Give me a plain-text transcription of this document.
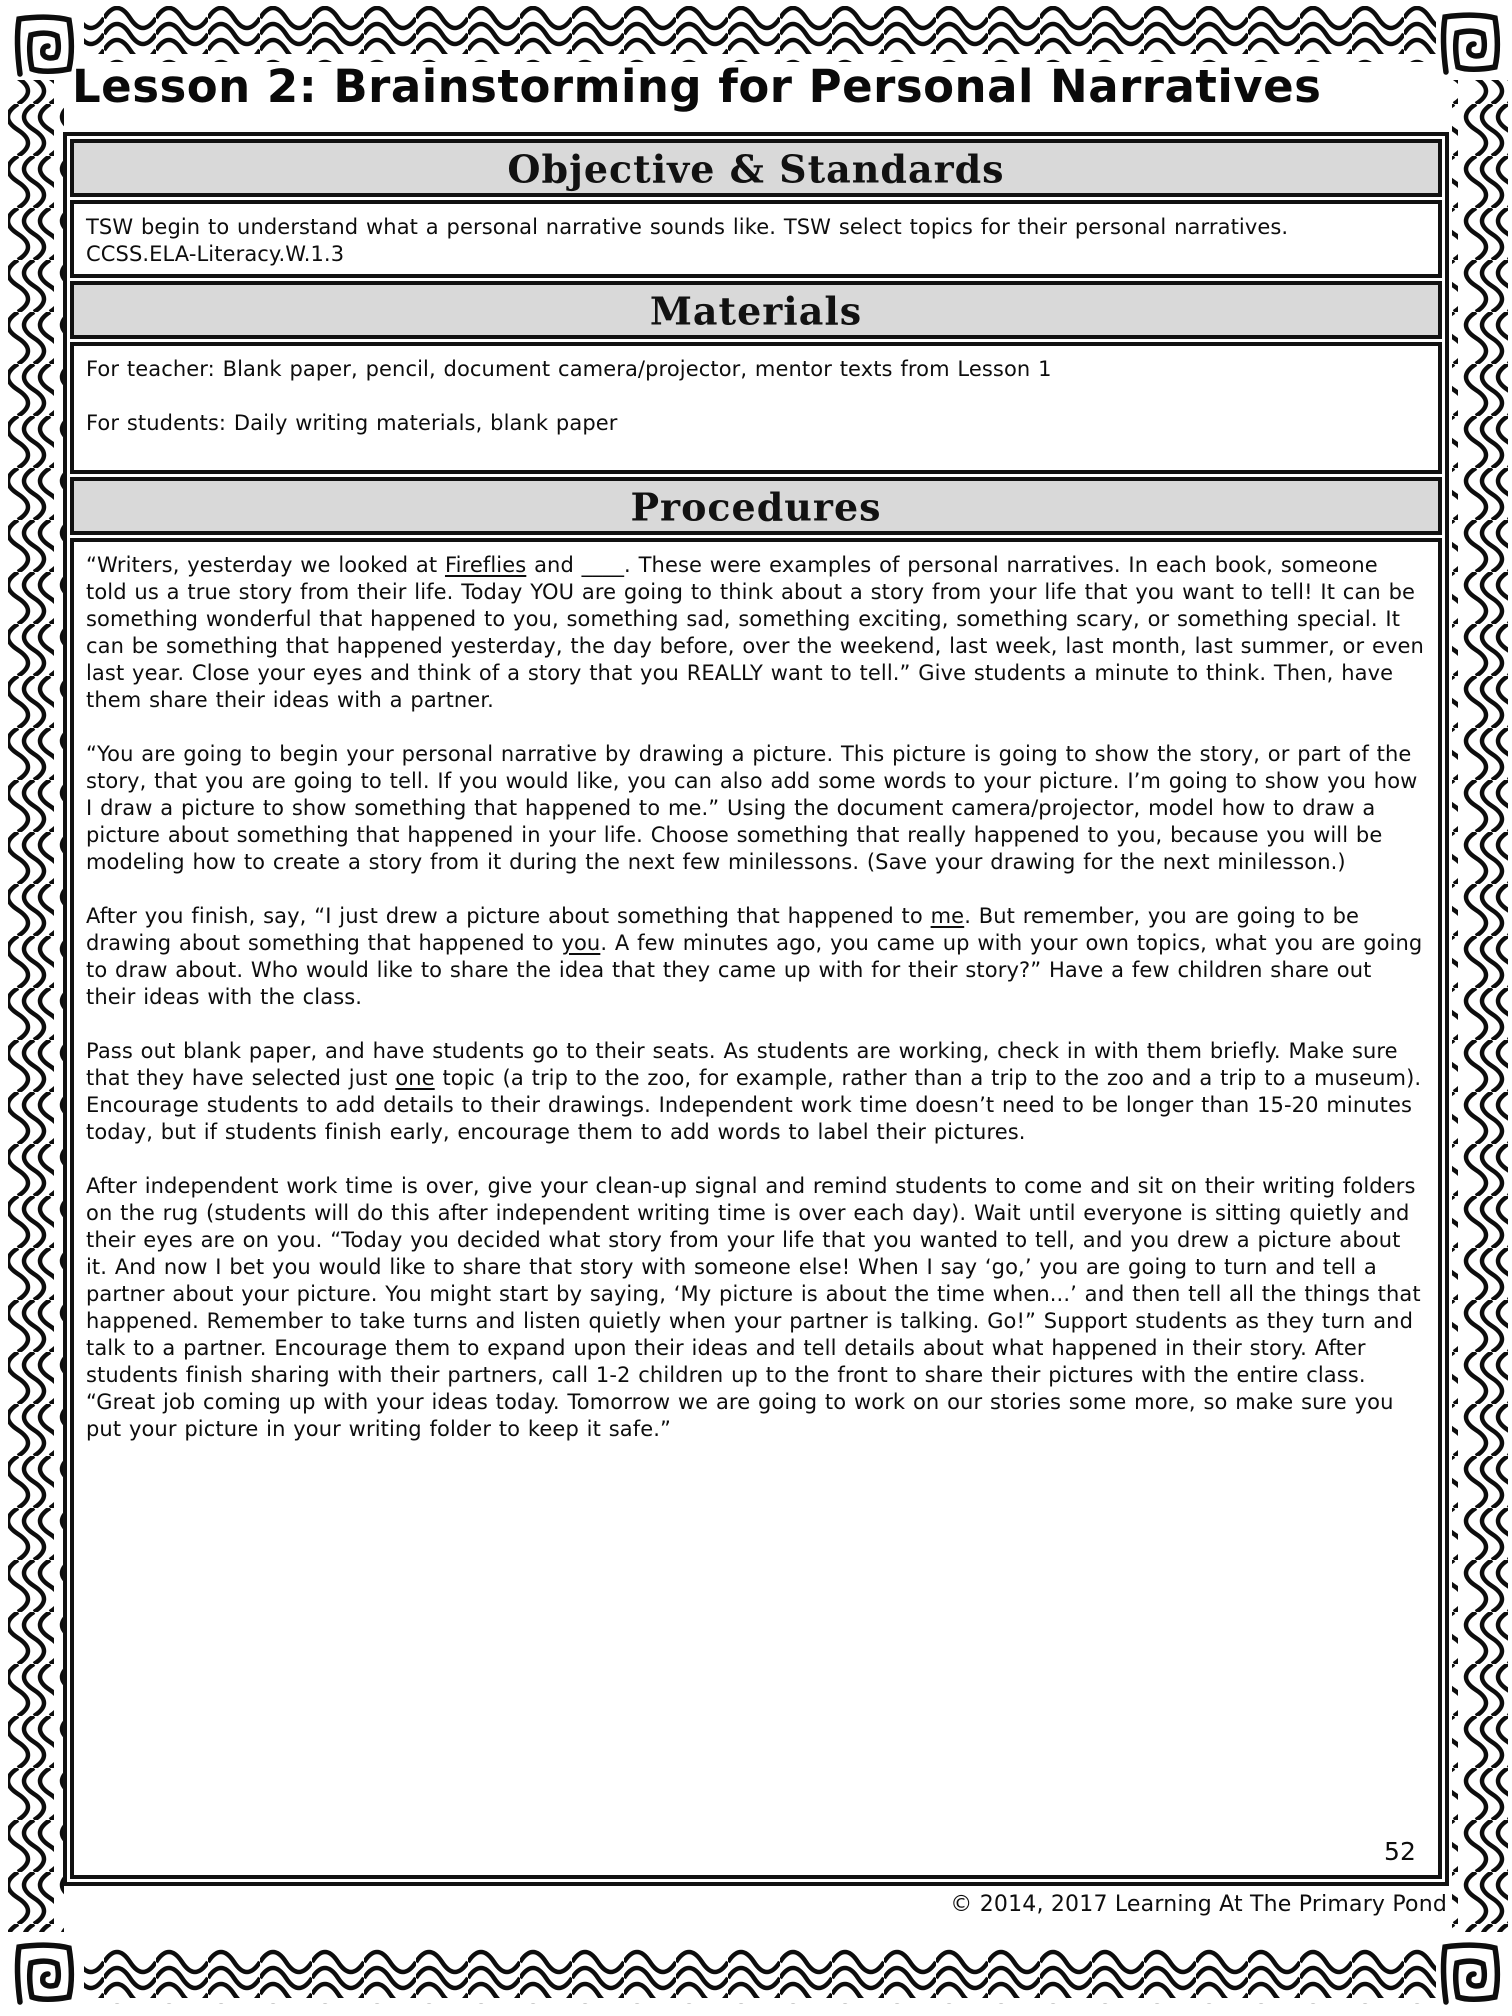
Lesson 2: Brainstorming for Personal Narratives
Objective & Standards

TSW begin to understand what a personal narrative sounds like. TSW select topics for their personal narratives.

CCSS.ELA-Literacy.W.1.3

Materials

For teacher: Blank paper, pencil, document camera/projector, mentor texts from Lesson 1

For students: Daily writing materials, blank paper

Procedures

“Writers, yesterday we looked at Fireflies and ____. These were examples of personal narratives. In each book, someone told us a true story from their life. Today YOU are going to think about a story from your life that you want to tell! It can be something wonderful that happened to you, something sad, something exciting, something scary, or something special. It can be something that happened yesterday, the day before, over the weekend, last week, last month, last summer, or even last year. Close your eyes and think of a story that you REALLY want to tell.” Give students a minute to think. Then, have them share their ideas with a partner.

“You are going to begin your personal narrative by drawing a picture. This picture is going to show the story, or part of the story, that you are going to tell. If you would like, you can also add some words to your picture. I’m going to show you how I draw a picture to show something that happened to me.” Using the document camera/projector, model how to draw a picture about something that happened in your life. Choose something that really happened to you, because you will be modeling how to create a story from it during the next few minilessons. (Save your drawing for the next minilesson.)

After you finish, say, “I just drew a picture about something that happened to me. But remember, you are going to be drawing about something that happened to you. A few minutes ago, you came up with your own topics, what you are going to draw about. Who would like to share the idea that they came up with for their story?” Have a few children share out their ideas with the class.

Pass out blank paper, and have students go to their seats. As students are working, check in with them briefly. Make sure that they have selected just one topic (a trip to the zoo, for example, rather than a trip to the zoo and a trip to a museum). Encourage students to add details to their drawings. Independent work time doesn’t need to be longer than 15-20 minutes today, but if students finish early, encourage them to add words to label their pictures.

After independent work time is over, give your clean-up signal and remind students to come and sit on their writing folders on the rug (students will do this after independent writing time is over each day). Wait until everyone is sitting quietly and their eyes are on you. “Today you decided what story from your life that you wanted to tell, and you drew a picture about it. And now I bet you would like to share that story with someone else! When I say ‘go,’ you are going to turn and tell a partner about your picture. You might start by saying, ‘My picture is about the time when...’ and then tell all the things that happened. Remember to take turns and listen quietly when your partner is talking. Go!” Support students as they turn and talk to a partner. Encourage them to expand upon their ideas and tell details about what happened in their story. After students finish sharing with their partners, call 1-2 children up to the front to share their pictures with the entire class. “Great job coming up with your ideas today. Tomorrow we are going to work on our stories some more, so make sure you put your picture in your writing folder to keep it safe.”

52
© 2014, 2017 Learning At The Primary Pond
